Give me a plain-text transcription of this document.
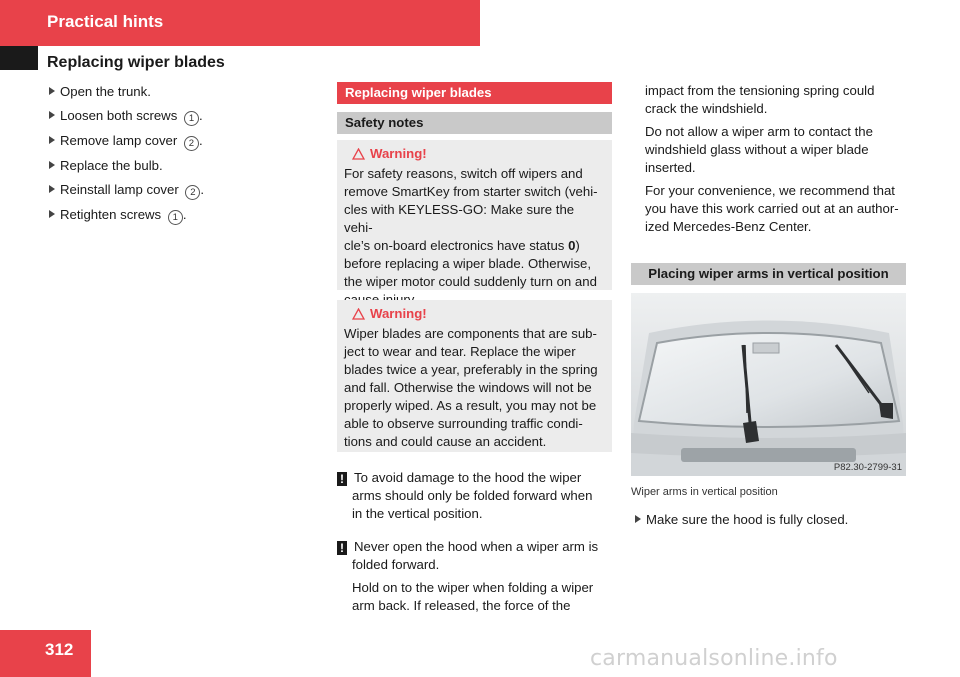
Practical hints
Replacing wiper blades
Open the trunk.
Loosen both screws 1 .
Remove lamp cover 2 .
Replace the bulb.
Reinstall lamp cover 2 .
Retighten screws 1 .
Replacing wiper blades
Safety notes
Warning!
For safety reasons, switch off wipers and
remove SmartKey from starter switch (vehi-
cles with KEYLESS-GO: Make sure the vehi-
cle’s on-board electronics have status 0)
before replacing a wiper blade. Otherwise,
the wiper motor could suddenly turn on and
Warning!
Wiper blades are components that are sub-
ject to wear and tear. Replace the wiper
blades twice a year, preferably in the spring
and fall. Otherwise the windows will not be
properly wiped. As a result, you may not be
able to observe surrounding traffic condi-
tions and could cause an accident.
! To avoid damage to the hood the wiper
arms should only be folded forward when
in the vertical position.
! Never open the hood when a wiper arm is
folded forward.
Hold on to the wiper when folding a wiper
arm back. If released, the force of the
impact from the tensioning spring could
crack the windshield.
Do not allow a wiper arm to contact the
windshield glass without a wiper blade
inserted.
For your convenience, we recommend that
you have this work carried out at an author-
ized Mercedes-Benz Center.
Placing wiper arms in vertical position
P82.30-2799-31
Wiper arms in vertical position
Make sure the hood is fully closed.
312	carmanualsonline.info
